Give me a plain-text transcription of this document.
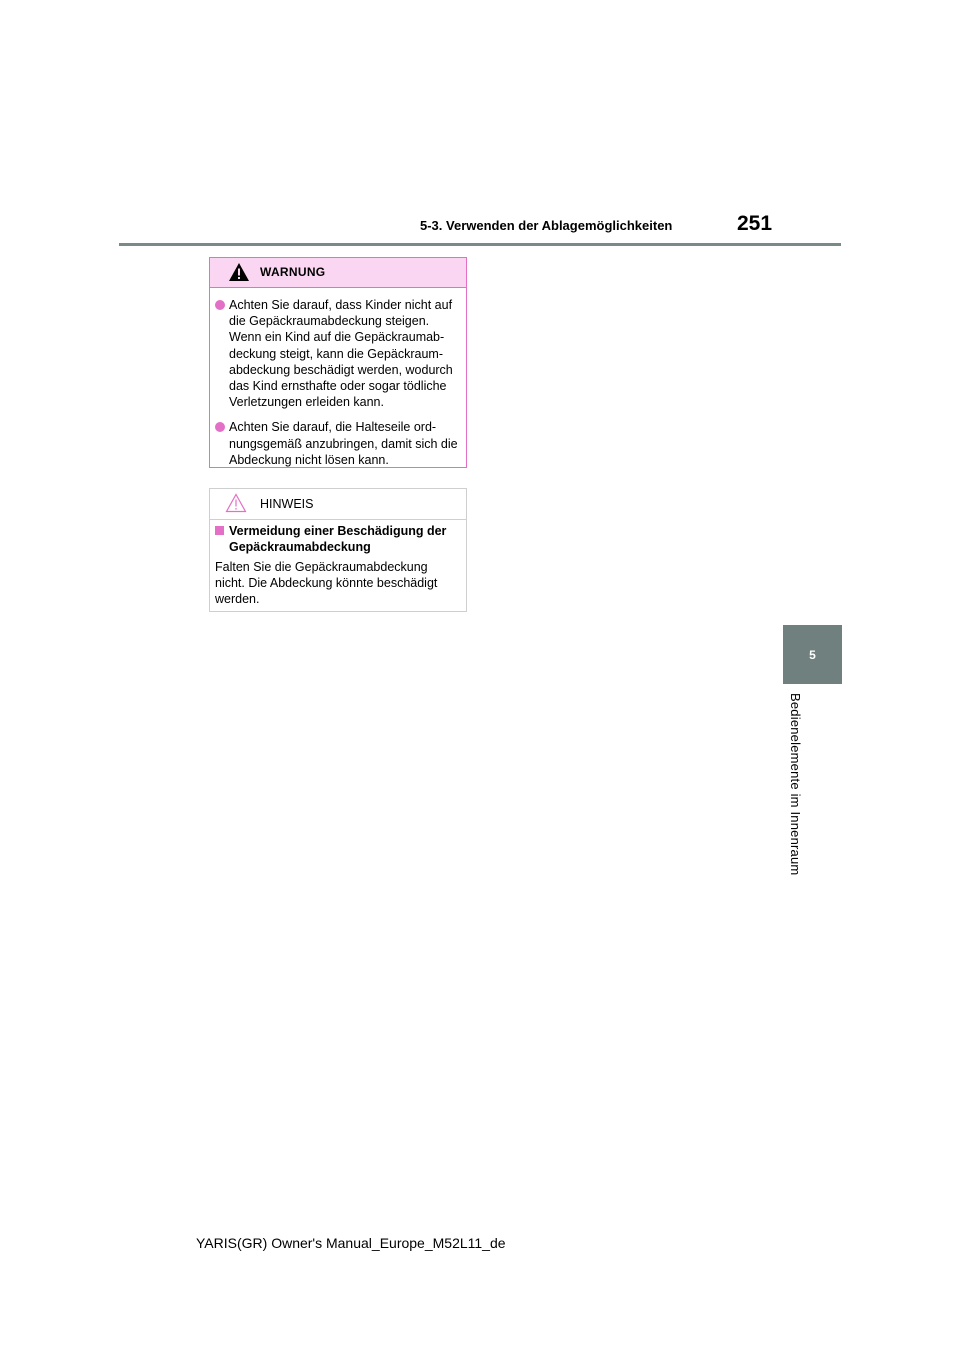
5-3. Verwenden der Ablagemöglichkeiten	251
5
Bedienelemente im Innenraum
WARNUNG
Achten Sie darauf, dass Kinder nicht auf die Gepäckraumabdeckung steigen. Wenn ein Kind auf die Gepäckraumab-deckung steigt, kann die Gepäckraum-abdeckung beschädigt werden, wodurch das Kind ernsthafte oder sogar tödliche Verletzungen erleiden kann.
Achten Sie darauf, die Halteseile ord-nungsgemäß anzubringen, damit sich die Abdeckung nicht lösen kann.
HINWEIS
Vermeidung einer Beschädigung der Gepäckraumabdeckung
Falten Sie die Gepäckraumabdeckung nicht. Die Abdeckung könnte beschädigt werden.
YARIS(GR) Owner's Manual_Europe_M52L11_de
